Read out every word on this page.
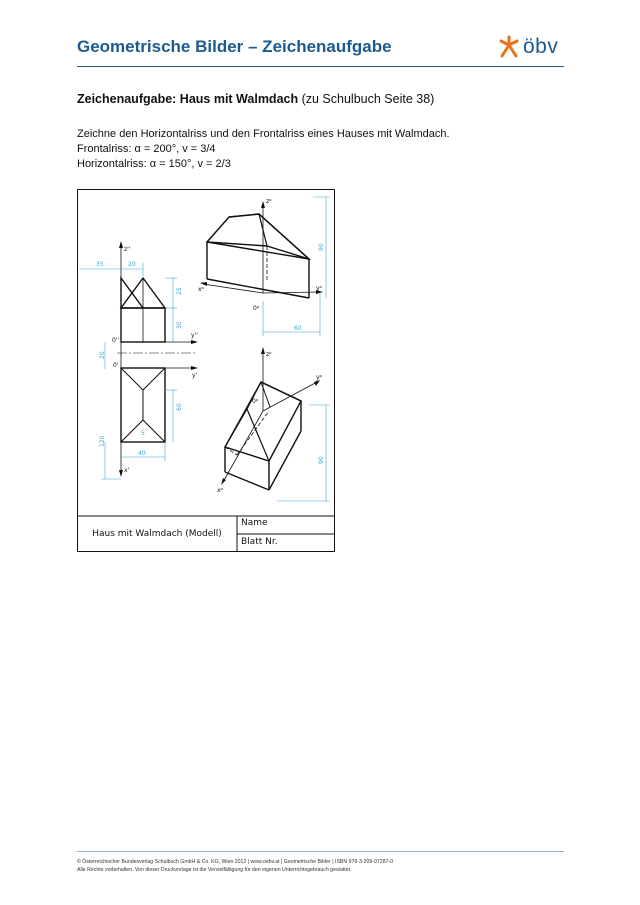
Geometrische Bilder – Zeichenaufgabe	öbv
Zeichenaufgabe: Haus mit Walmdach (zu Schulbuch Seite 38)
Zeichne den Horizontalriss und den Frontalriss eines Hauses mit Walmdach.
Frontalriss: α = 200°, v = 3/4
Horizontalriss: α = 150°, v = 2/3
35	20
25
30
20
60
120
40
5
z''
y''
0''
0'
y'
x'
90
60
zᵖ
xᵖ	yᵖ
0ᵖ
90
zᵖ
yᵖ
xᵖ
0ᵖ
Haus mit Walmdach (Modell)
Name
Blatt Nr.
© Österreichischer Bundesverlag Schulbuch GmbH & Co. KG, Wien 2012 | www.oebv.at | Geometrische Bilder | ISBN 978-3-209-07287-0
Alle Rechte vorbehalten. Von dieser Druckvorlage ist die Vervielfältigung für den eigenen Unterrichtsgebrauch gestattet.
